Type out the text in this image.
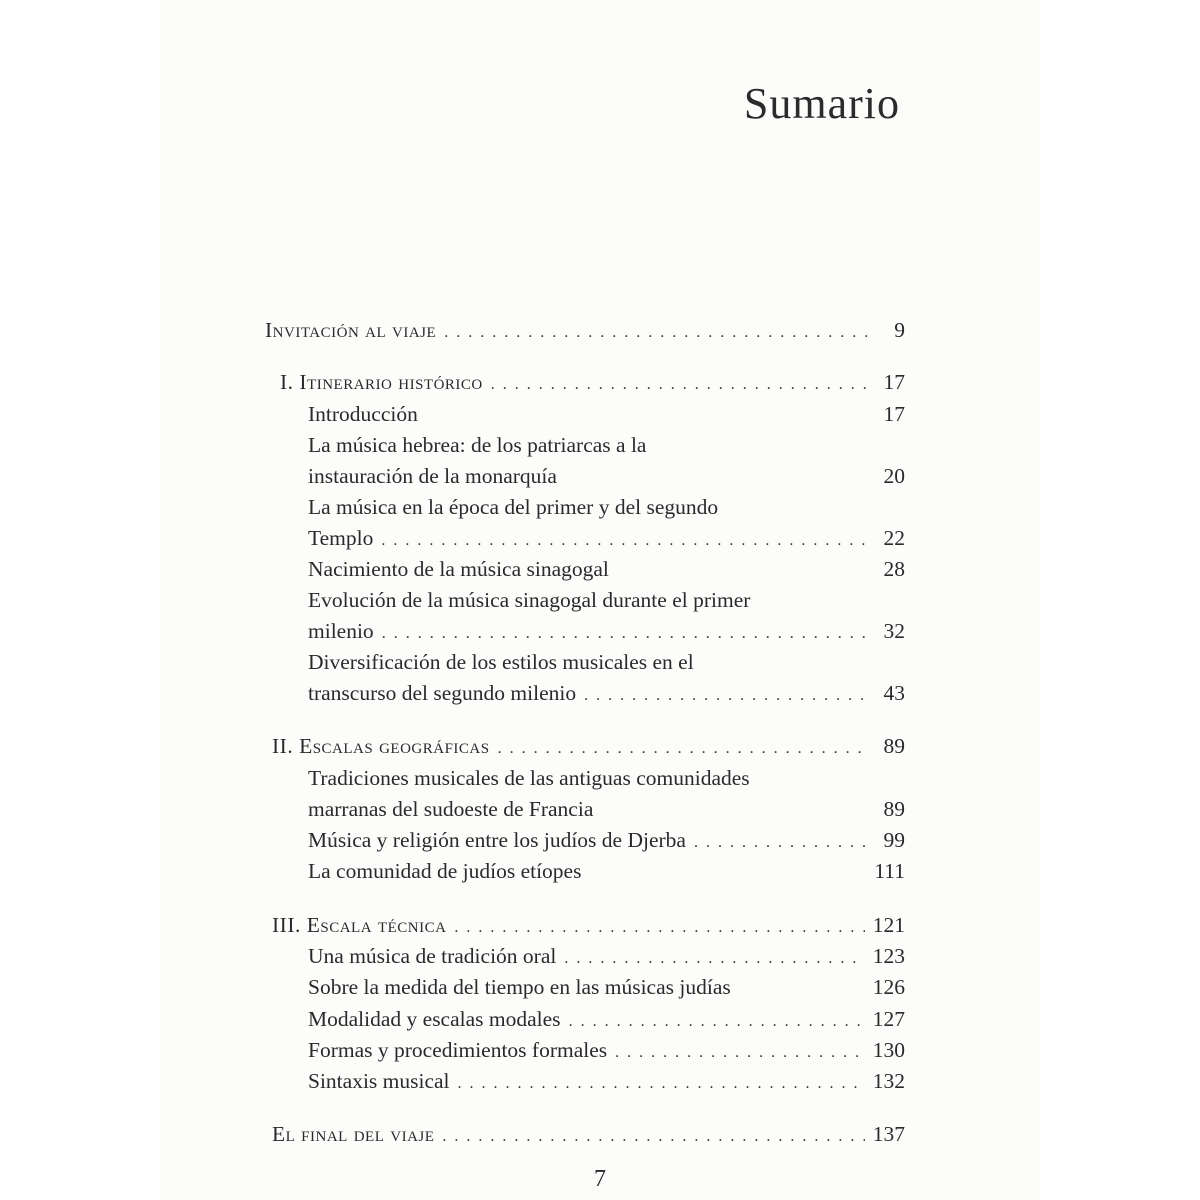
Sumario
Invitación al viaje . . .	9
I. Itinerario histórico . . .	17
Introducción	17
La música hebrea: de los patriarcas a la
instauración de la monarquía	20
La música en la época del primer y del segundo
Templo . . .	22
Nacimiento de la música sinagogal	28
Evolución de la música sinagogal durante el primer
milenio . . .	32
Diversificación de los estilos musicales en el
transcurso del segundo milenio . . .	43
II. Escalas geográficas . . .	89
Tradiciones musicales de las antiguas comunidades
marranas del sudoeste de Francia	89
Música y religión entre los judíos de Djerba . . .	99
La comunidad de judíos etíopes	111
III. Escala técnica . . .	121
Una música de tradición oral . . .	123
Sobre la medida del tiempo en las músicas judías	126
Modalidad y escalas modales . . .	127
Formas y procedimientos formales . . .	130
Sintaxis musical . . .	132
El final del viaje . . .	137
7
